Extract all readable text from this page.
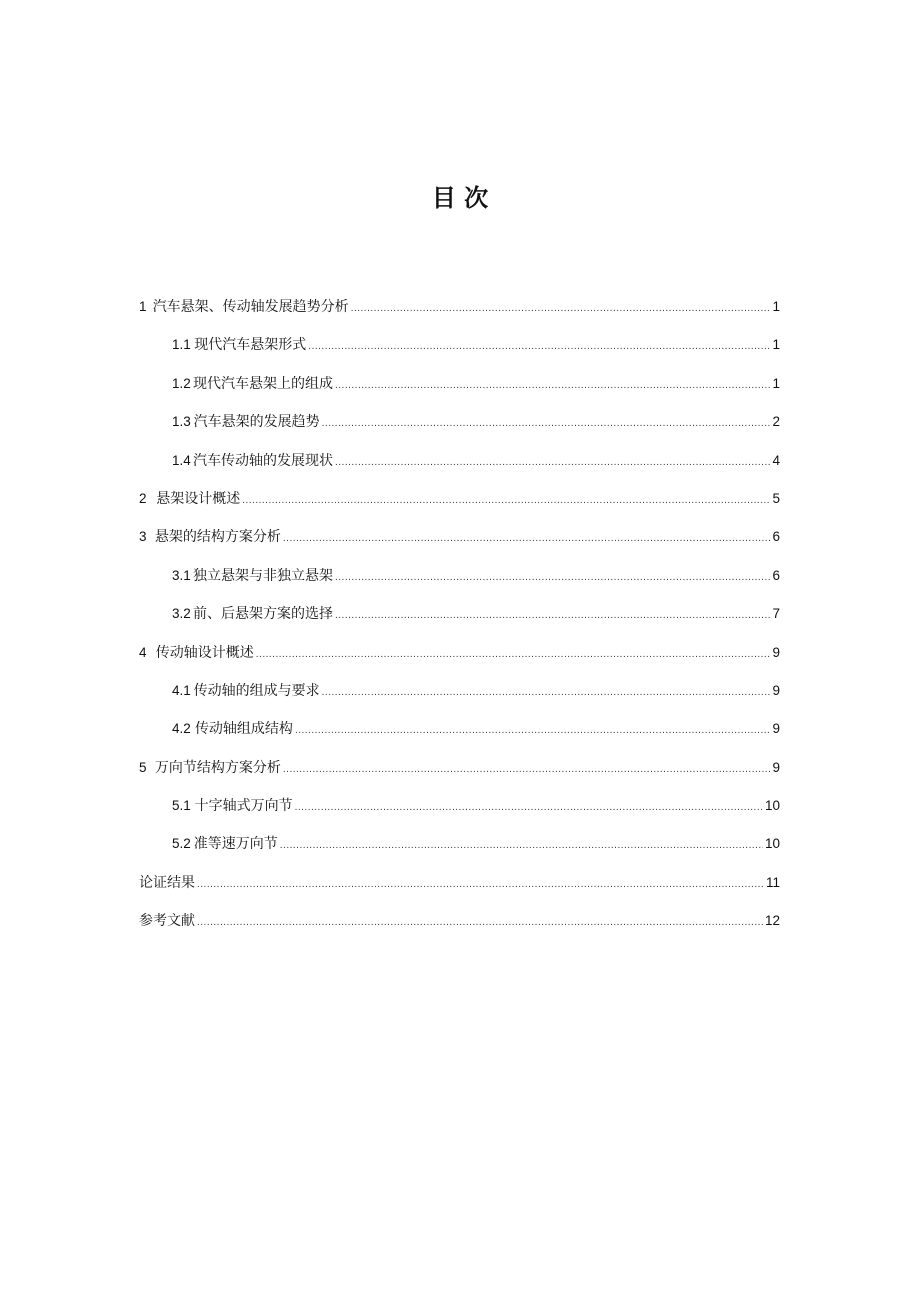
目 次
1 汽车悬架、传动轴发展趋势分析 .....	1
1.1 现代汽车悬架形式 .....	1
1.2 现代汽车悬架上的组成 .....	1
1.3 汽车悬架的发展趋势 .....	2
1.4 汽车传动轴的发展现状 .....	4
2 悬架设计概述 .....	5
3 悬架的结构方案分析 .....	6
3.1 独立悬架与非独立悬架 .....	6
3.2 前、后悬架方案的选择 .....	7
4 传动轴设计概述 .....	9
4.1 传动轴的组成与要求 .....	9
4.2 传动轴组成结构 .....	9
5 万向节结构方案分析 .....	9
5.1 十字轴式万向节 .....	10
5.2 准等速万向节 .....	10
论证结果 .....	11
参考文献 .....	12
